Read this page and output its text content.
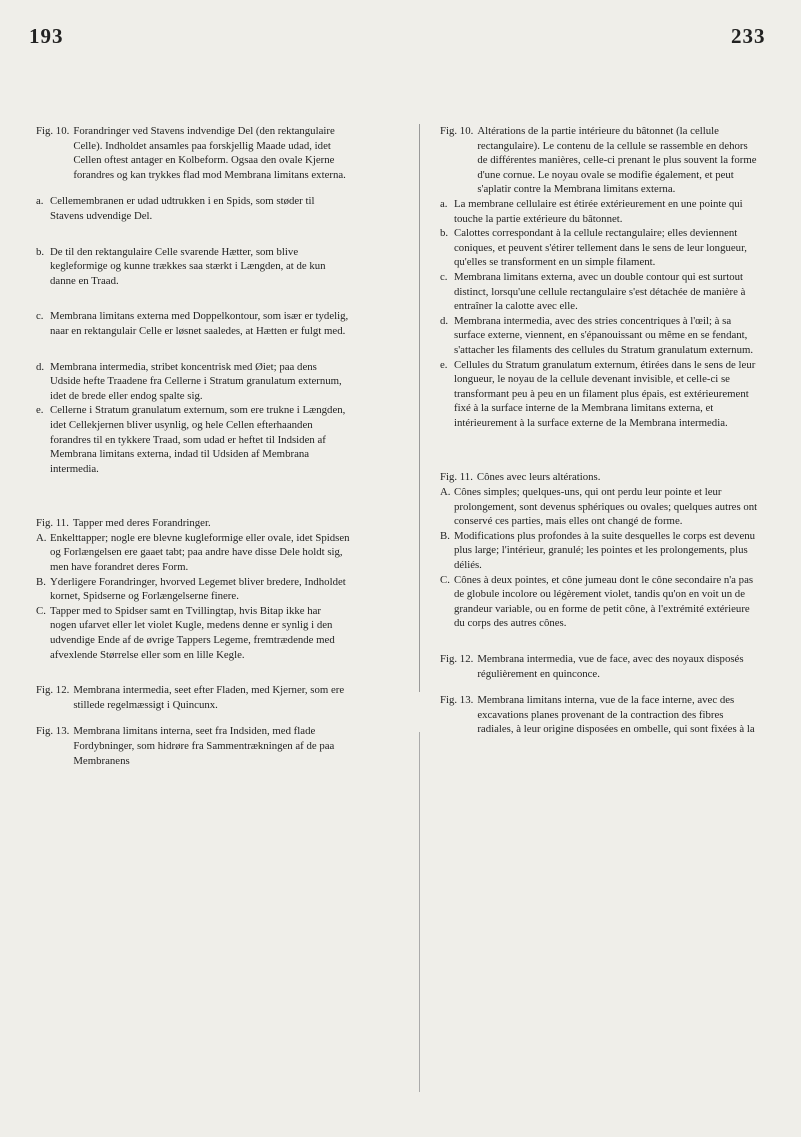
193	233
Fig. 10. Forandringer ved Stavens indvendige Del (den rektangulaire Celle). Indholdet ansamles paa forskjellig Maade udad, idet Cellen oftest antager en Kolbeform. Ogsaa den ovale Kjerne forandres og kan trykkes flad mod Membrana limitans externa.
a. Cellemembranen er udad udtrukken i en Spids, som støder til Stavens udvendige Del.
b. De til den rektangulaire Celle svarende Hætter, som blive kegleformige og kunne trækkes saa stærkt i Længden, at de kun danne en Traad.
c. Membrana limitans externa med Doppelkontour, som især er tydelig, naar en rektangulair Celle er løsnet saaledes, at Hætten er fulgt med.
d. Membrana intermedia, stribet koncentrisk med Øiet; paa dens Udside hefte Traadene fra Cellerne i Stratum granulatum externum, idet de brede eller endog spalte sig.
e. Cellerne i Stratum granulatum externum, som ere trukne i Længden, idet Cellekjernen bliver usynlig, og hele Cellen efterhaanden forandres til en tykkere Traad, som udad er heftet til Indsiden af Membrana limitans externa, indad til Udsiden af Membrana intermedia.
Fig. 11. Tapper med deres Forandringer.
A. Enkelttapper; nogle ere blevne kugleformige eller ovale, idet Spidsen og Forlængelsen ere gaaet tabt; paa andre have disse Dele holdt sig, men have forandret deres Form.
B. Yderligere Forandringer, hvorved Legemet bliver bredere, Indholdet kornet, Spidserne og Forlængelserne finere.
C. Tapper med to Spidser samt en Tvillingtap, hvis Bitap ikke har nogen ufarvet eller let violet Kugle, medens denne er synlig i den udvendige Ende af de øvrige Tappers Legeme, fremtrædende med afvexlende Størrelse eller som en lille Kegle.
Fig. 12. Membrana intermedia, seet efter Fladen, med Kjerner, som ere stillede regelmæssigt i Quincunx.
Fig. 13. Membrana limitans interna, seet fra Indsiden, med flade Fordybninger, som hidrøre fra Sammentrækningen af de paa Membranens
Fig. 10. Altérations de la partie intérieure du bâtonnet (la cellule rectangulaire). Le contenu de la cellule se rassemble en dehors de différentes manières, celle-ci prenant le plus souvent la forme d'une cornue. Le noyau ovale se modifie également, et peut s'aplatir contre la Membrana limitans externa.
a. La membrane cellulaire est étirée extérieurement en une pointe qui touche la partie extérieure du bâtonnet.
b. Calottes correspondant à la cellule rectangulaire; elles deviennent coniques, et peuvent s'étirer tellement dans le sens de leur longueur, qu'elles se transforment en un simple filament.
c. Membrana limitans externa, avec un double contour qui est surtout distinct, lorsqu'une cellule rectangulaire s'est détachée de manière à entraîner la calotte avec elle.
d. Membrana intermedia, avec des stries concentriques à l'œil; à sa surface externe, viennent, en s'épanouissant ou même en se fendant, s'attacher les filaments des cellules du Stratum granulatum externum.
e. Cellules du Stratum granulatum externum, étirées dans le sens de leur longueur, le noyau de la cellule devenant invisible, et celle-ci se transformant peu à peu en un filament plus épais, est extérieurement fixé à la surface interne de la Membrana limitans externa, et intérieurement à la surface externe de la Membrana intermedia.
Fig. 11. Cônes avec leurs altérations.
A. Cônes simples; quelques-uns, qui ont perdu leur pointe et leur prolongement, sont devenus sphériques ou ovales; quelques autres ont conservé ces parties, mais elles ont changé de forme.
B. Modifications plus profondes à la suite desquelles le corps est devenu plus large; l'intérieur, granulé; les pointes et les prolongements, plus déliés.
C. Cônes à deux pointes, et cône jumeau dont le cône secondaire n'a pas de globule incolore ou légèrement violet, tandis qu'on en voit un de grandeur variable, ou en forme de petit cône, à l'extrémité extérieure du corps des autres cônes.
Fig. 12. Membrana intermedia, vue de face, avec des noyaux disposés régulièrement en quinconce.
Fig. 13. Membrana limitans interna, vue de la face interne, avec des excavations planes provenant de la contraction des fibres radiales, à leur origine disposées en ombelle, qui sont fixées à la
